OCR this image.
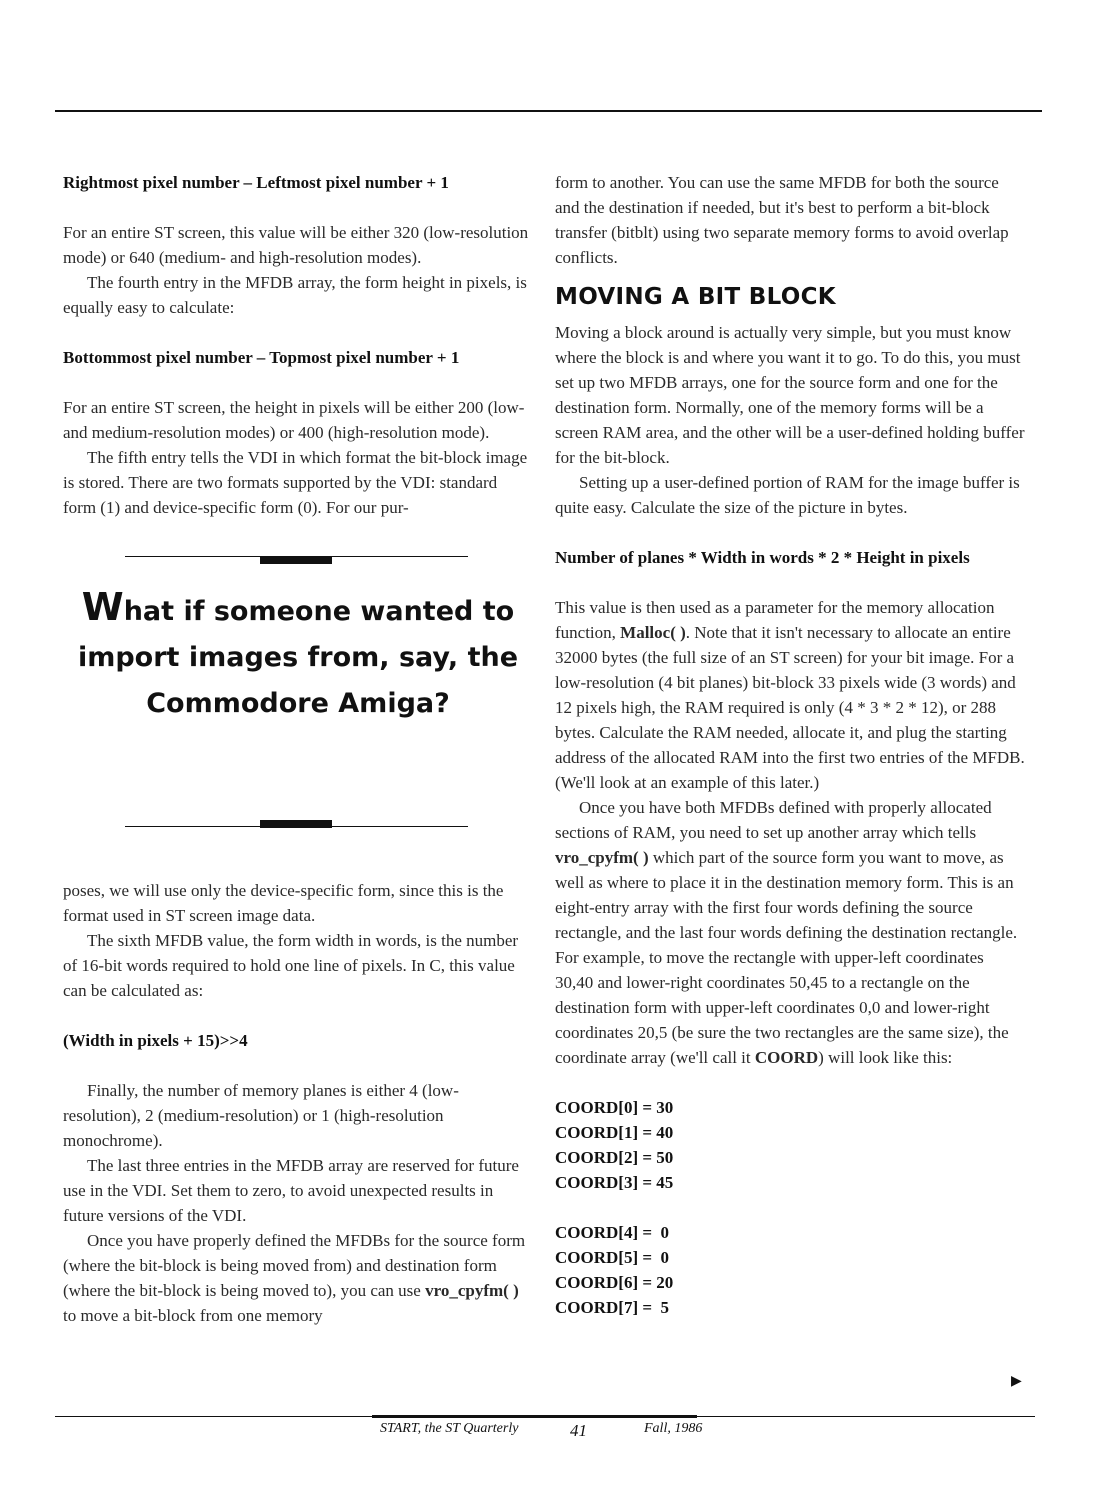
Rightmost pixel number – Leftmost pixel number + 1

For an entire ST screen, this value will be either 320 (low-resolution mode) or 640 (medium- and high-resolution modes).

The fourth entry in the MFDB array, the form height in pixels, is equally easy to calculate:

Bottommost pixel number – Topmost pixel number + 1

For an entire ST screen, the height in pixels will be either 200 (low- and medium-resolution modes) or 400 (high-resolution mode).

The fifth entry tells the VDI in which format the bit-block image is stored. There are two formats supported by the VDI: standard form (1) and device-specific form (0). For our pur-

What if someone wanted to import images from, say, the Commodore Amiga?

poses, we will use only the device-specific form, since this is the format used in ST screen image data.

The sixth MFDB value, the form width in words, is the number of 16-bit words required to hold one line of pixels. In C, this value can be calculated as:

(Width in pixels + 15)>>4

Finally, the number of memory planes is either 4 (low-resolution), 2 (medium-resolution) or 1 (high-resolution monochrome).

The last three entries in the MFDB array are reserved for future use in the VDI. Set them to zero, to avoid unexpected results in future versions of the VDI.

Once you have properly defined the MFDBs for the source form (where the bit-block is being moved from) and destination form (where the bit-block is being moved to), you can use vro_cpyfm( ) to move a bit-block from one memory

form to another. You can use the same MFDB for both the source and the destination if needed, but it's best to perform a bit-block transfer (bitblt) using two separate memory forms to avoid overlap conflicts.

MOVING A BIT BLOCK

Moving a block around is actually very simple, but you must know where the block is and where you want it to go. To do this, you must set up two MFDB arrays, one for the source form and one for the destination form. Normally, one of the memory forms will be a screen RAM area, and the other will be a user-defined holding buffer for the bit-block.

Setting up a user-defined portion of RAM for the image buffer is quite easy. Calculate the size of the picture in bytes.

Number of planes * Width in words * 2 * Height in pixels

This value is then used as a parameter for the memory allocation function, Malloc( ). Note that it isn't necessary to allocate an entire 32000 bytes (the full size of an ST screen) for your bit image. For a low-resolution (4 bit planes) bit-block 33 pixels wide (3 words) and 12 pixels high, the RAM required is only (4 * 3 * 2 * 12), or 288 bytes. Calculate the RAM needed, allocate it, and plug the starting address of the allocated RAM into the first two entries of the MFDB. (We'll look at an example of this later.)

Once you have both MFDBs defined with properly allocated sections of RAM, you need to set up another array which tells vro_cpyfm( ) which part of the source form you want to move, as well as where to place it in the destination memory form. This is an eight-entry array with the first four words defining the source rectangle, and the last four words defining the destination rectangle. For example, to move the rectangle with upper-left coordinates 30,40 and lower-right coordinates 50,45 to a rectangle on the destination form with upper-left coordinates 0,0 and lower-right coordinates 20,5 (be sure the two rectangles are the same size), the coordinate array (we'll call it COORD) will look like this:

COORD[0] = 30

COORD[1] = 40

COORD[2] = 50

COORD[3] = 45

COORD[4] =  0

COORD[5] =  0

COORD[6] = 20

COORD[7] =  5

▶
START, the ST Quarterly	41	Fall, 1986
